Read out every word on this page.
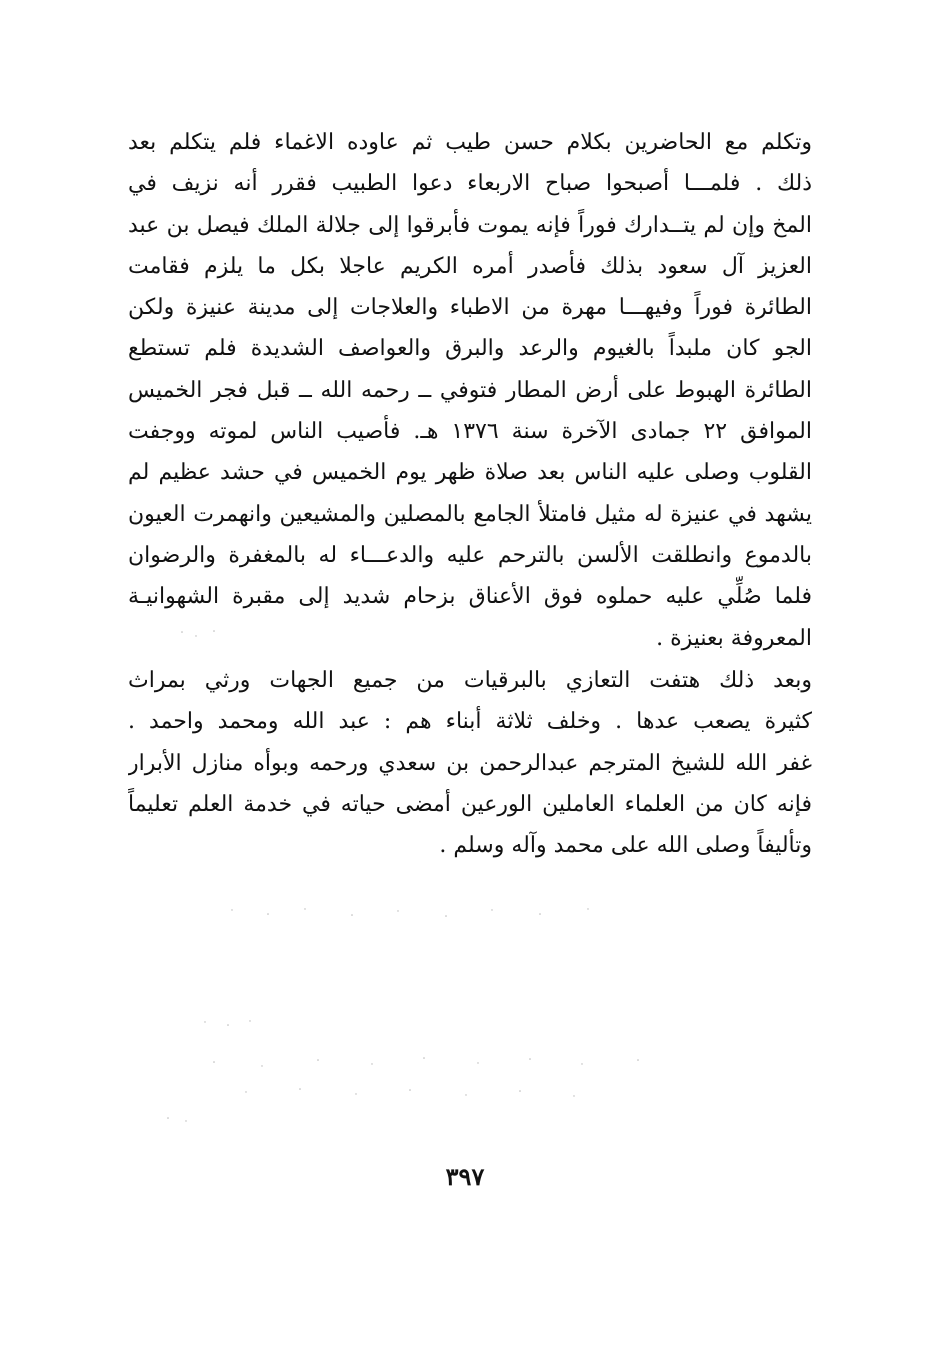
وتكلم مع الحاضرين بكلام حسن طيب ثم عاوده الاغماء فلم يتكلم بعد
ذلك . فلمـــا أصبحوا صباح الاربعاء دعوا الطبيب فقرر أنه نزيف في
المخ وإن لم يتــدارك فوراً فإنه يموت فأبرقوا إلى جلالة الملك فيصل بن عبد
العزيز آل سعود بذلك فأصدر أمره الكريم عاجلا بكل ما يلزم فقامت
الطائرة فوراً وفيهـــا مهرة من الاطباء والعلاجات إلى مدينة عنيزة ولكن
الجو كان ملبداً بالغيوم والرعد والبرق والعواصف الشديدة فلم تستطع
الطائرة الهبوط على أرض المطار فتوفي ــ رحمه الله ــ قبل فجر الخميس
الموافق ٢٢ جمادى الآخرة سنة ١٣٧٦ هـ. فأصيب الناس لموته ووجفت
القلوب وصلى عليه الناس بعد صلاة ظهر يوم الخميس في حشد عظيم لم
يشهد في عنيزة له مثيل فامتلأ الجامع بالمصلين والمشيعين وانهمرت العيون
بالدموع وانطلقت الألسن بالترحم عليه والدعـــاء له بالمغفرة والرضوان
فلما صُلِّي عليه حملوه فوق الأعناق بزحام شديد إلى مقبرة الشهوانيـة
المعروفة بعنيزة .
وبعد ذلك هتفت التعازي بالبرقيات من جميع الجهات ورثي بمراث
كثيرة يصعب عدها . وخلف ثلاثة أبناء هم : عبد الله ومحمد واحمد .
غفر الله للشيخ المترجم عبدالرحمن بن سعدي ورحمه وبوأه منازل الأبرار
فإنه كان من العلماء العاملين الورعين أمضى حياته في خدمة العلم تعليماً
وتأليفاً وصلى الله على محمد وآله وسلم .
٣٩٧
